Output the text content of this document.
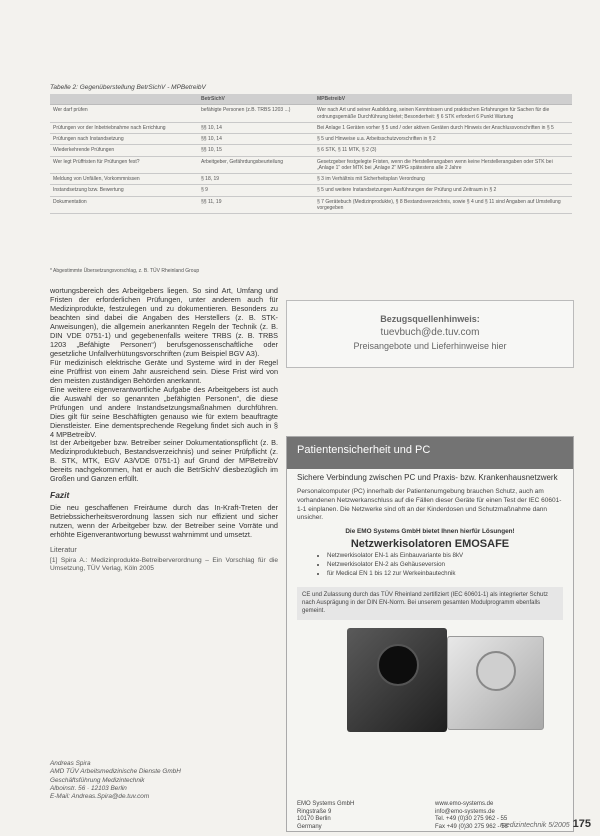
Tabelle 2: Gegenüberstellung BetrSichV - MPBetreibV
	BetrSichV	MPBetreibV
Wer darf prüfen	befähigte Personen (z.B. TRBS 1203 ...)	Wer nach Art und seiner Ausbildung, seinen Kenntnissen und praktischen Erfahrungen für Sachen für die ordnungsgemäße Durchführung bietet; Besonderheit: § 6 STK erfordert 6 Punkt Wartung
Prüfungen vor der Inbetriebnahme nach Errichtung	§§ 10, 14	Bei Anlage 1 Geräten vorher § 5 und / oder aktiven Geräten durch Hinweis der Anschlussvorschriften in § 5
Prüfungen nach Instandsetzung	§§ 10, 14	§ 5 und Hinweise u.a. Arbeitsschutzvorschriften in § 2
Wiederkehrende Prüfungen	§§ 10, 15	§ 6 STK, § 11 MTK, § 2 (3)
Wer legt Prüffristen für Prüfungen fest?	Arbeitgeber, Gefährdungsbeurteilung	Gesetzgeber festgelegte Fristen, wenn die Herstellerangaben wenn keine Herstellerangaben oder STK bei „Anlage 1“ oder MTK bei „Anlage 2“ MPG spätestens alle 2 Jahre
Meldung von Unfällen, Vorkommnissen	§ 18, 19	§ 3 im Verhältnis mit Sicherheitsplan Verordnung
Instandsetzung bzw. Bewertung	§ 9	§ 5 und weitere Instandsetzungen Ausführungen der Prüfung und Zeitraum in § 2
Dokumentation	§§ 11, 19	§ 7 Gerätebuch (Medizinprodukte), § 8 Bestandsverzeichnis, sowie § 4 und § 11 sind Angaben auf Umstellung vorgegeben
* Abgestimmte Übersetzungsvorschlag, z. B. TÜV Rheinland Group

wortungsbereich des Arbeitgebers liegen. So sind Art, Umfang und Fristen der erforderlichen Prüfungen, unter anderem auch für Medizinprodukte, festzulegen und zu dokumentieren. Besonders zu beachten sind dabei die Angaben des Herstellers (z. B. STK-Anweisungen), die allgemein anerkannten Regeln der Technik (z. B. DIN VDE 0751-1) und gegebenenfalls weitere TRBS (z. B. TRBS 1203 „Befähigte Personen“) berufsgenossenschaftliche oder gesetzliche Unfallverhütungsvorschriften (zum Beispiel BGV A3).

Für medizinisch elektrische Geräte und Systeme wird in der Regel eine Prüffrist von einem Jahr ausreichend sein. Diese Frist wird von den meisten zuständigen Behörden anerkannt.

Eine weitere eigenverantwortliche Aufgabe des Arbeitgebers ist auch die Auswahl der so genannten „befähigten Personen“, die diese Prüfungen und andere Instandsetzungsmaßnahmen durchführen. Dies gilt für seine Beschäftigten genauso wie für extern beauftragte Dienstleister. Eine dementsprechende Regelung findet sich auch in § 4 MPBetreibV.

Ist der Arbeitgeber bzw. Betreiber seiner Dokumentationspflicht (z. B. Medizinproduktebuch, Bestandsverzeichnis) und seiner Prüfpflicht (z. B. STK, MTK, EGV A3/VDE 0751-1) auf Grund der MPBetreibV bereits nachgekommen, hat er auch die BetrSichV diesbezüglich im Großen und Ganzen erfüllt.

Fazit

Die neu geschaffenen Freiräume durch das In-Kraft-Treten der Betriebssicherheitsverordnung lassen sich nur effizient und sicher nutzen, wenn der Arbeitgeber bzw. der Betreiber seine Vorräte und erhöhte Eigenverantwortung bewusst wahrnimmt und umsetzt.

Literatur

[1] Spira A.: Medizinprodukte-Betreiberverordnung – Ein Vorschlag für die Umsetzung, TÜV Verlag, Köln 2005

Andreas Spira
AMD TÜV Arbeitsmedizinische Dienste GmbH
Geschäftsführung Medizintechnik
Alboinstr. 56 · 12103 Berlin
E-Mail: Andreas.Spira@de.tuv.com
Bezugsquellenhinweis:
tuevbuch@de.tuv.com
Preisangebote und Lieferhinweise hier
Patientensicherheit und PC
Sichere Verbindung zwischen PC und Praxis- bzw. Krankenhausnetzwerk
Personalcomputer (PC) innerhalb der Patientenumgebung brauchen Schutz, auch am vorhandenen Netzwerkanschluss auf die Fällen dieser Geräte für einen Test der IEC 60601-1-1 einplanen. Die Netzwerke sind oft an der Kinderdosen und Schutzmaßnahme dann unsicher.
Die EMO Systems GmbH bietet Ihnen hierfür Lösungen!
Netzwerkisolatoren EMOSAFE
• Netzwerkisolator EN-1 als Einbauvariante bis 8kV
• Netzwerkisolator EN-2 als Gehäuseversion
• für Medical EN 1 bis 12 zur Werkeinbautechnik
CE und Zulassung durch das TÜV Rheinland zertifiziert (IEC 60601-1) als integrierter Schutz nach Ausprägung in der DIN EN-Norm. Bei unserem gesamten Modulprogramm ebenfalls gemeint.
EMO Systems GmbH
Ringstraße 9
10170 Berlin
Germany
www.emo-systems.de
info@emo-systems.de
Tel. +49 (0)30 275 962 - 55
Fax +49 (0)30 275 962 - 56
medizintechnik 5/2005 175
